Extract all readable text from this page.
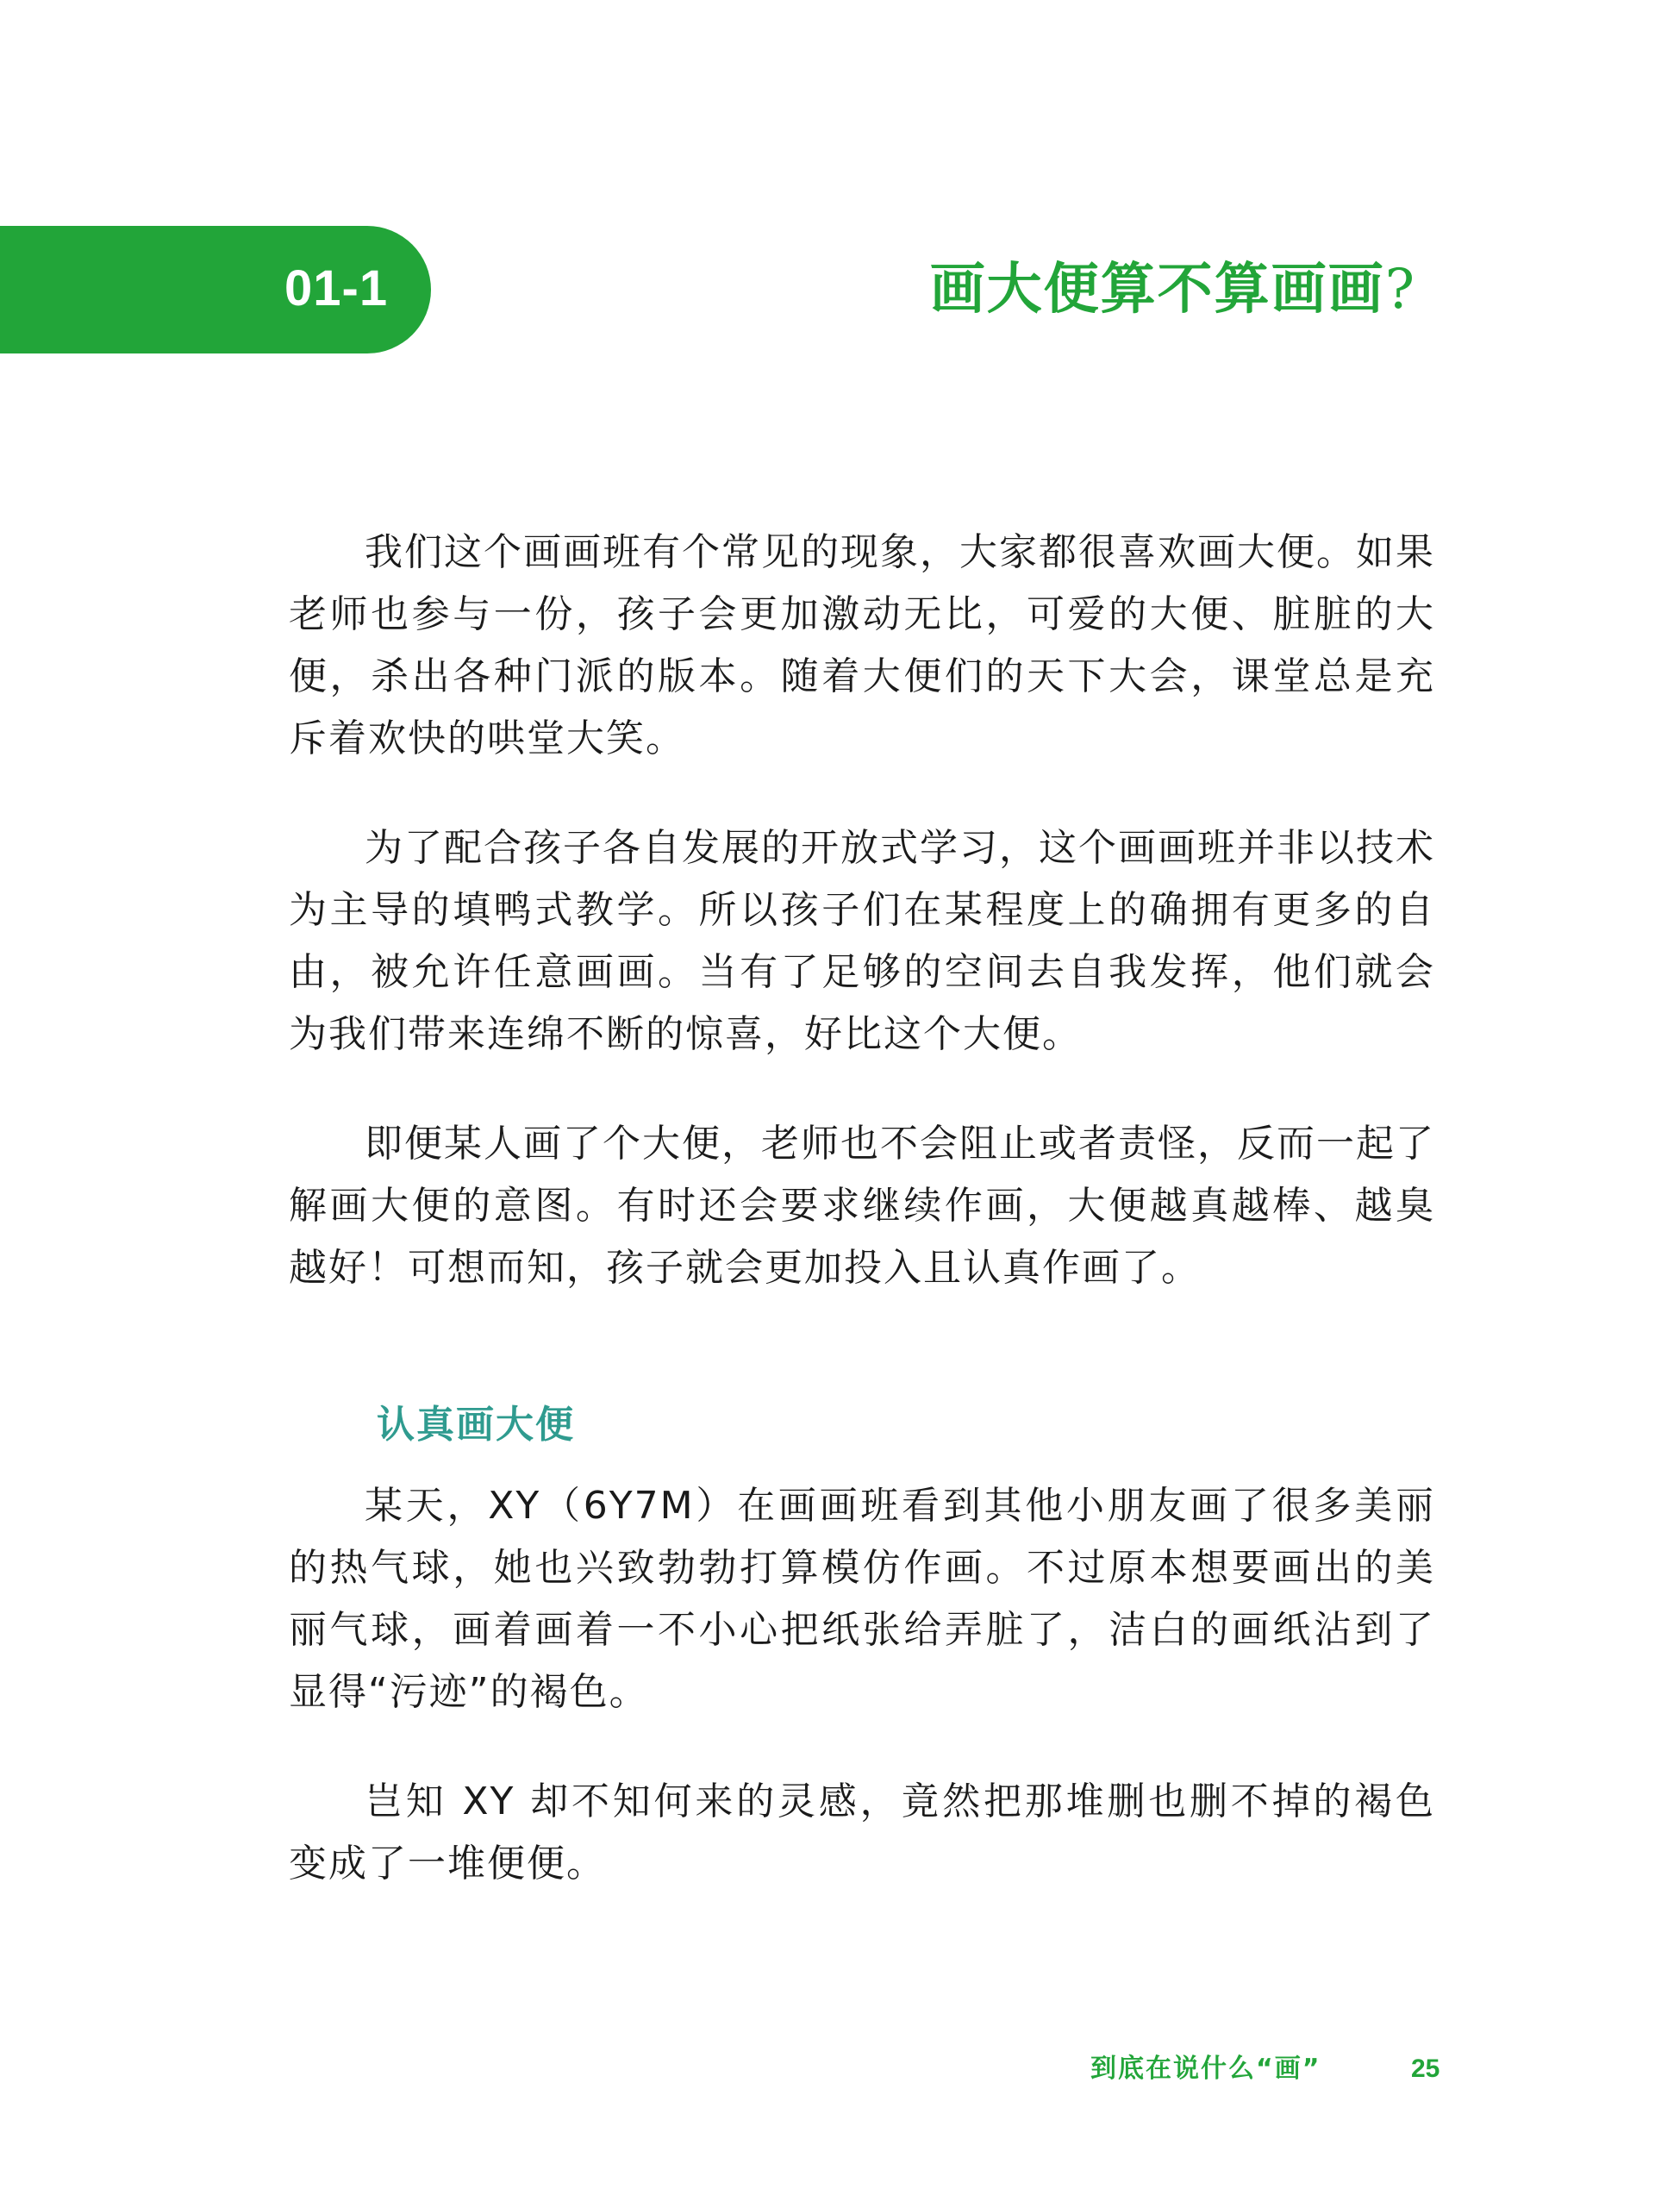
01-1	画大便算不算画画?

我们这个画画班有个常见的现象，大家都很喜欢画大便。如果老师也参与一份，孩子会更加激动无比，可爱的大便、脏脏的大便，杀出各种门派的版本。随着大便们的天下大会，课堂总是充斥着欢快的哄堂大笑。

为了配合孩子各自发展的开放式学习，这个画画班并非以技术为主导的填鸭式教学。所以孩子们在某程度上的确拥有更多的自由，被允许任意画画。当有了足够的空间去自我发挥，他们就会为我们带来连绵不断的惊喜，好比这个大便。

即便某人画了个大便，老师也不会阻止或者责怪，反而一起了解画大便的意图。有时还会要求继续作画，大便越真越棒、越臭越好！可想而知，孩子就会更加投入且认真作画了。

认真画大便

某天，XY（6Y7M）在画画班看到其他小朋友画了很多美丽的热气球，她也兴致勃勃打算模仿作画。不过原本想要画出的美丽气球，画着画着一不小心把纸张给弄脏了，洁白的画纸沾到了显得“污迹”的褐色。

岂知 XY 却不知何来的灵感，竟然把那堆删也删不掉的褐色变成了一堆便便。

到底在说什么“画”	25
